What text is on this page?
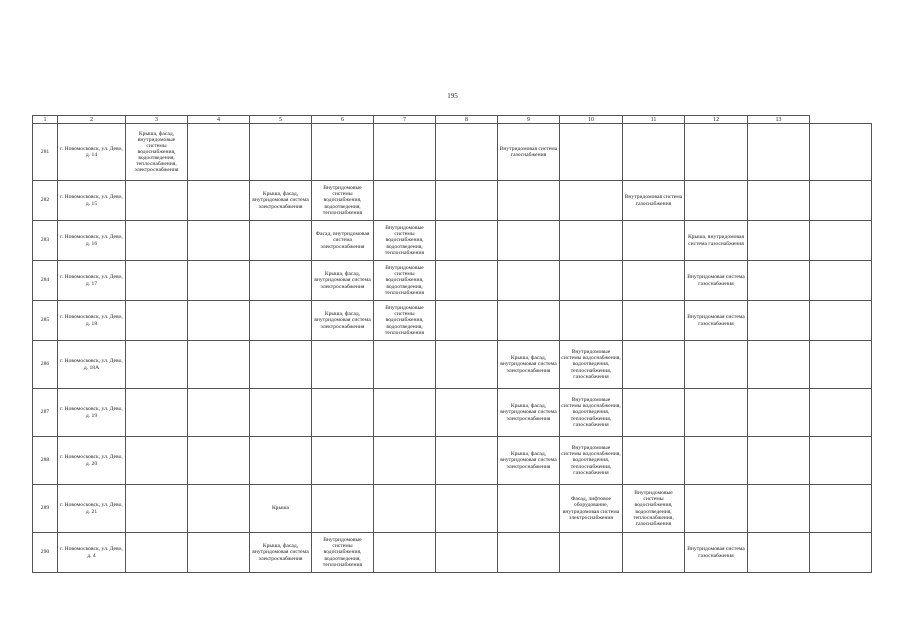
195
1	2	3	4	5	6	7	8	9	10	11	12	13	
281	г. Новомосковск, ул. Дево, д. 14	Крыша, фасад, внутридомовые системы водоснабжения, водоотведения, теплоснабжения, электроснабжения						Внутридомовая система газоснабжения					
282	г. Новомосковск, ул. Дево, д. 15			Крыша, фасад, внутридомовая система электроснабжения	Внутридомовые системы водоснабжения, водоотведения, теплоснабжения					Внутридомовая система газоснабжения			
283	г. Новомосковск, ул. Дево, д. 16				Фасад, внутридомовая система электроснабжения	Внутридомовые системы водоснабжения, водоотведения, теплоснабжения					Крыша, внутридомовая система газоснабжения		
284	г. Новомосковск, ул. Дево, д. 17				Крыша, фасад, внутридомовая система электроснабжения	Внутридомовые системы водоснабжения, водоотведения, теплоснабжения					Внутридомовая система газоснабжения		
285	г. Новомосковск, ул. Дево, д. 18				Крыша, фасад, внутридомовая система электроснабжения	Внутридомовые системы водоснабжения, водоотведения, теплоснабжения					Внутридомовая система газоснабжения		
286	г. Новомосковск, ул. Дево, д. 18А							Крыша, фасад, внутридомовая система электроснабжения	Внутридомовые системы водоснабжения, водоотведения, теплоснабжения, газоснабжения				
287	г. Новомосковск, ул. Дево, д. 19							Крыша, фасад, внутридомовая система электроснабжения	Внутридомовые системы водоснабжения, водоотведения, теплоснабжения, газоснабжения				
288	г. Новомосковск, ул. Дево, д. 20							Крыша, фасад, внутридомовая система электроснабжения	Внутридомовые системы водоснабжения, водоотведения, теплоснабжения, газоснабжения				
289	г. Новомосковск, ул. Дево, д. 21			Крыша					Фасад, лифтовое оборудование, внутридомовая система электроснабжения	Внутридомовые системы водоснабжения, водоотведения, теплоснабжения, газоснабжения			
290	г. Новомосковск, ул. Дево, д. 4			Крыша, фасад, внутридомовая система электроснабжения	Внутридомовые системы водоснабжения, водоотведения, теплоснабжения						Внутридомовая система газоснабжения		
